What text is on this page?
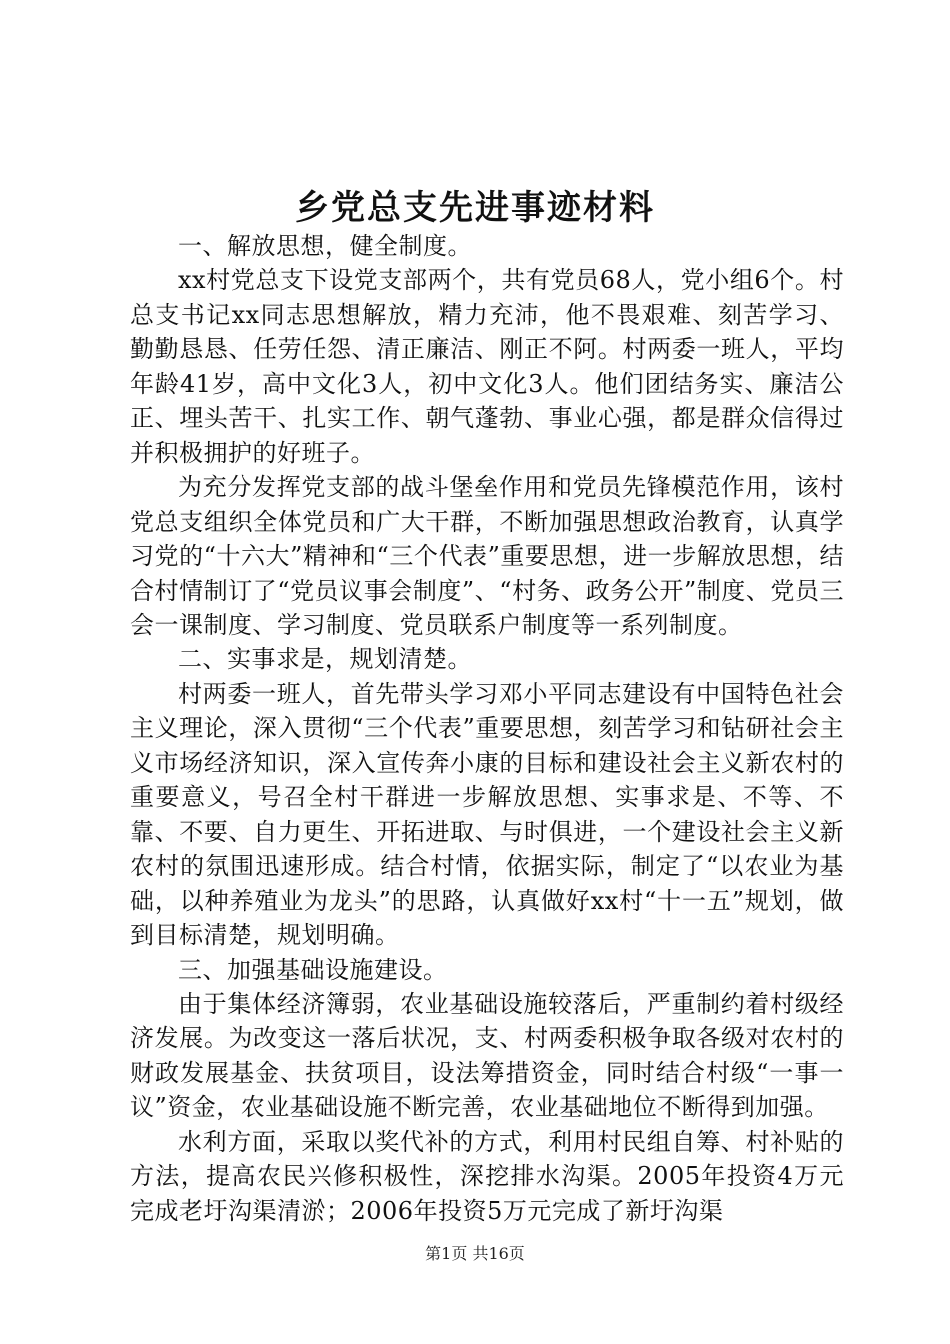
乡党总支先进事迹材料

一、解放思想，健全制度。

xx村党总支下设党支部两个，共有党员68人，党小组6个。村总支书记xx同志思想解放，精力充沛，他不畏艰难、刻苦学习、勤勤恳恳、任劳任怨、清正廉洁、刚正不阿。村两委一班人，平均年龄41岁，高中文化3人，初中文化3人。他们团结务实、廉洁公正、埋头苦干、扎实工作、朝气蓬勃、事业心强，都是群众信得过并积极拥护的好班子。

为充分发挥党支部的战斗堡垒作用和党员先锋模范作用，该村党总支组织全体党员和广大干群，不断加强思想政治教育，认真学习党的“十六大”精神和“三个代表”重要思想，进一步解放思想，结合村情制订了“党员议事会制度”、“村务、政务公开”制度、党员三会一课制度、学习制度、党员联系户制度等一系列制度。

二、实事求是，规划清楚。

村两委一班人，首先带头学习邓小平同志建设有中国特色社会主义理论，深入贯彻“三个代表”重要思想，刻苦学习和钻研社会主义市场经济知识，深入宣传奔小康的目标和建设社会主义新农村的重要意义，号召全村干群进一步解放思想、实事求是、不等、不靠、不要、自力更生、开拓进取、与时俱进，一个建设社会主义新农村的氛围迅速形成。结合村情，依据实际，制定了“以农业为基础，以种养殖业为龙头”的思路，认真做好xx村“十一五”规划，做到目标清楚，规划明确。

三、加强基础设施建设。

由于集体经济簿弱，农业基础设施较落后，严重制约着村级经济发展。为改变这一落后状况，支、村两委积极争取各级对农村的财政发展基金、扶贫项目，设法筹措资金，同时结合村级“一事一议”资金，农业基础设施不断完善，农业基础地位不断得到加强。

水利方面，采取以奖代补的方式，利用村民组自筹、村补贴的方法，提高农民兴修积极性，深挖排水沟渠。2005年投资4万元完成老圩沟渠清淤；2006年投资5万元完成了新圩沟渠

第1页 共16页
